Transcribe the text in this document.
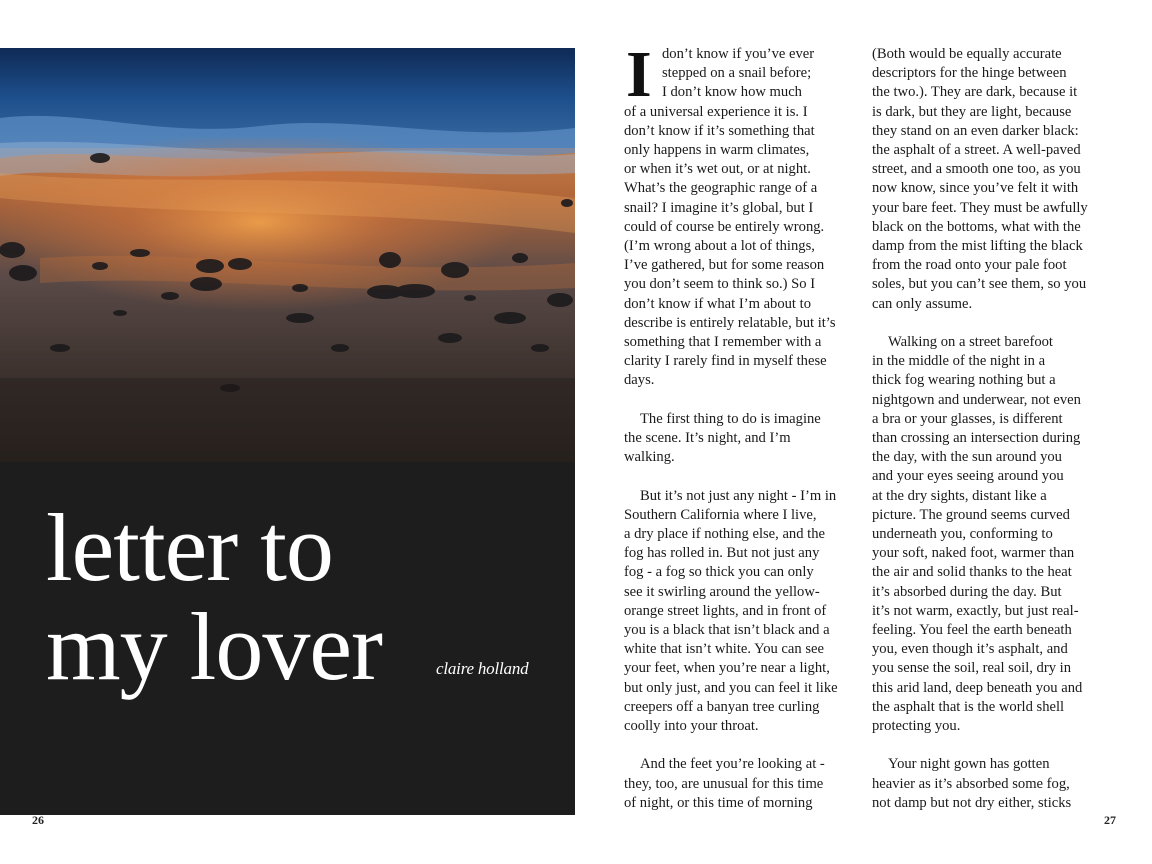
letter to
my lover	claire holland
26
I don’t know if you’ve ever
stepped on a snail before;
I don’t know how much
of a universal experience it is. I
don’t know if it’s something that
only happens in warm climates,
or when it’s wet out, or at night.
What’s the geographic range of a
snail? I imagine it’s global, but I
could of course be entirely wrong.
(I’m wrong about a lot of things,
I’ve gathered, but for some reason
you don’t seem to think so.) So I
don’t know if what I’m about to
describe is entirely relatable, but it’s
something that I remember with a
clarity I rarely find in myself these
days.
The first thing to do is imagine
the scene. It’s night, and I’m
walking.
But it’s not just any night - I’m in
Southern California where I live,
a dry place if nothing else, and the
fog has rolled in. But not just any
fog - a fog so thick you can only
see it swirling around the yellow-
orange street lights, and in front of
you is a black that isn’t black and a
white that isn’t white. You can see
your feet, when you’re near a light,
but only just, and you can feel it like
creepers off a banyan tree curling
coolly into your throat.
And the feet you’re looking at -
they, too, are unusual for this time
of night, or this time of morning
(Both would be equally accurate
descriptors for the hinge between
the two.). They are dark, because it
is dark, but they are light, because
they stand on an even darker black:
the asphalt of a street. A well-paved
street, and a smooth one too, as you
now know, since you’ve felt it with
your bare feet. They must be awfully
black on the bottoms, what with the
damp from the mist lifting the black
from the road onto your pale foot
soles, but you can’t see them, so you
can only assume.
Walking on a street barefoot
in the middle of the night in a
thick fog wearing nothing but a
nightgown and underwear, not even
a bra or your glasses, is different
than crossing an intersection during
the day, with the sun around you
and your eyes seeing around you
at the dry sights, distant like a
picture. The ground seems curved
underneath you, conforming to
your soft, naked foot, warmer than
the air and solid thanks to the heat
it’s absorbed during the day. But
it’s not warm, exactly, but just real-
feeling. You feel the earth beneath
you, even though it’s asphalt, and
you sense the soil, real soil, dry in
this arid land, deep beneath you and
the asphalt that is the world shell
protecting you.
Your night gown has gotten
heavier as it’s absorbed some fog,
not damp but not dry either, sticks
27
